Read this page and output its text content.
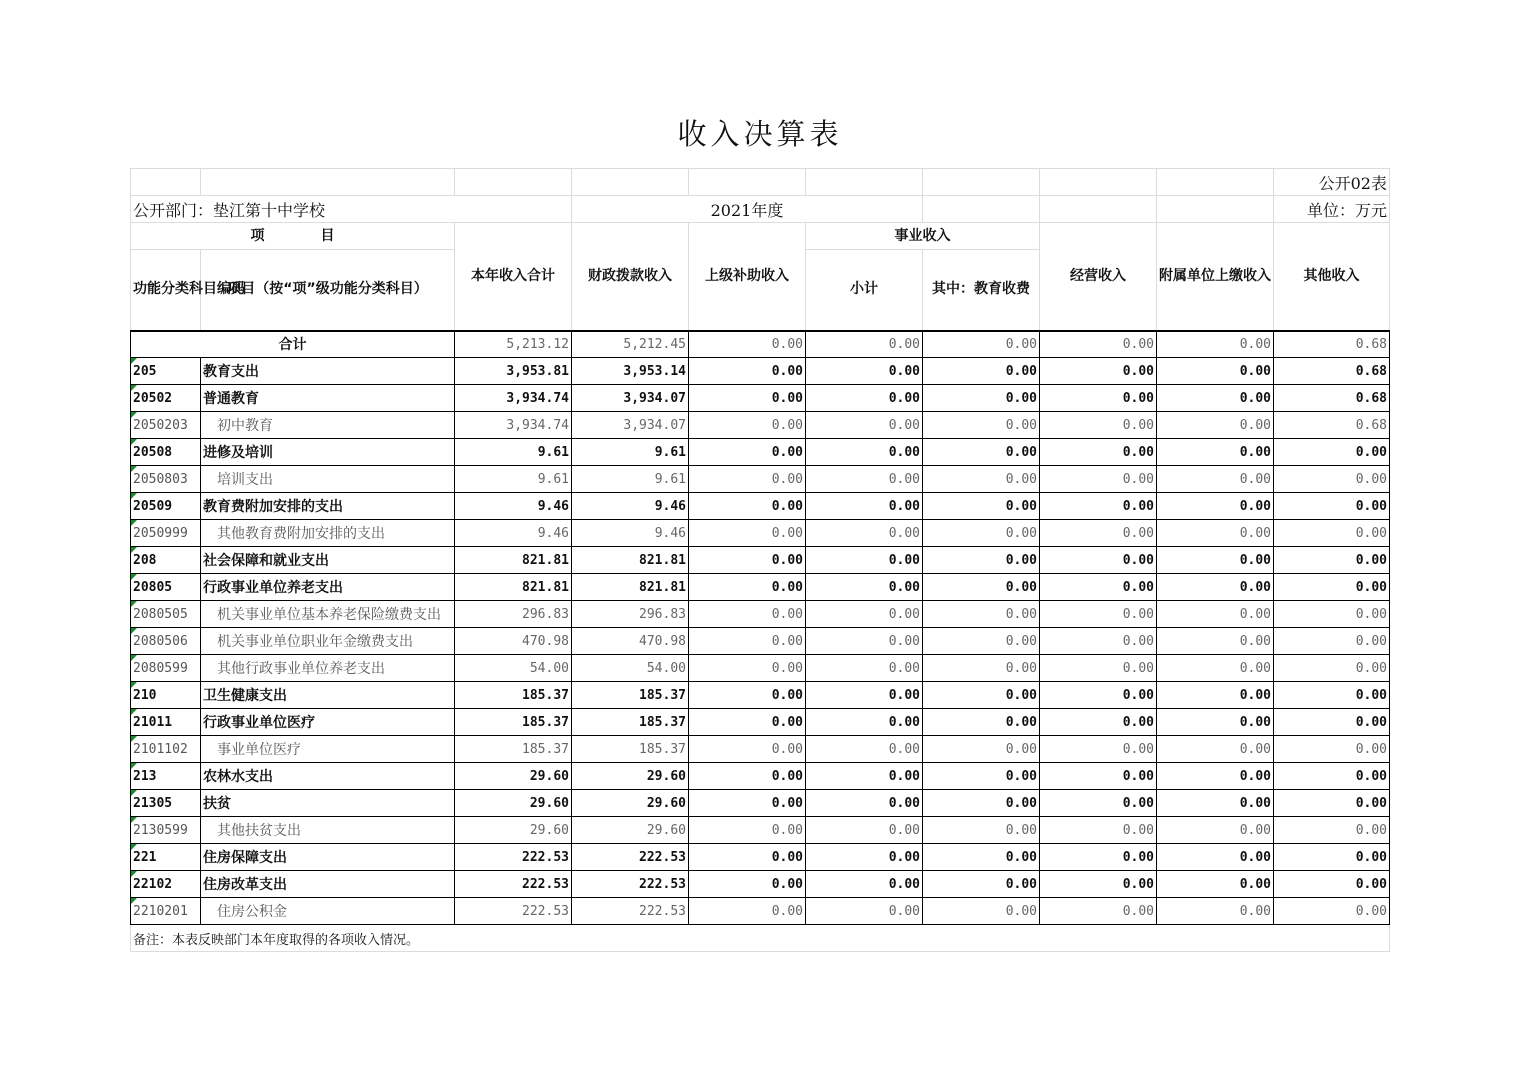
收入决算表
									公开02表
公开部门：垫江第十中学校			2021年度						单位：万元
项　　　　目		本年收入合计	财政拨款收入	上级补助收入	事业收入		经营收入	附属单位上缴收入	其他收入
功能分类科目编码	项目（按“项”级功能分类科目）								
					小计	其中：教育收费			
合计		5,213.12	5,212.45	0.00	0.00	0.00	0.00	0.00	0.68

205	教育支出	3,953.81	3,953.14	0.00	0.00	0.00	0.00	0.00	0.68

20502	普通教育	3,934.74	3,934.07	0.00	0.00	0.00	0.00	0.00	0.68

2050203	初中教育	3,934.74	3,934.07	0.00	0.00	0.00	0.00	0.00	0.68

20508	进修及培训	9.61	9.61	0.00	0.00	0.00	0.00	0.00	0.00

2050803	培训支出	9.61	9.61	0.00	0.00	0.00	0.00	0.00	0.00

20509	教育费附加安排的支出	9.46	9.46	0.00	0.00	0.00	0.00	0.00	0.00

2050999	其他教育费附加安排的支出	9.46	9.46	0.00	0.00	0.00	0.00	0.00	0.00

208	社会保障和就业支出	821.81	821.81	0.00	0.00	0.00	0.00	0.00	0.00

20805	行政事业单位养老支出	821.81	821.81	0.00	0.00	0.00	0.00	0.00	0.00

2080505	机关事业单位基本养老保险缴费支出	296.83	296.83	0.00	0.00	0.00	0.00	0.00	0.00

2080506	机关事业单位职业年金缴费支出	470.98	470.98	0.00	0.00	0.00	0.00	0.00	0.00

2080599	其他行政事业单位养老支出	54.00	54.00	0.00	0.00	0.00	0.00	0.00	0.00

210	卫生健康支出	185.37	185.37	0.00	0.00	0.00	0.00	0.00	0.00

21011	行政事业单位医疗	185.37	185.37	0.00	0.00	0.00	0.00	0.00	0.00

2101102	事业单位医疗	185.37	185.37	0.00	0.00	0.00	0.00	0.00	0.00

213	农林水支出	29.60	29.60	0.00	0.00	0.00	0.00	0.00	0.00

21305	扶贫	29.60	29.60	0.00	0.00	0.00	0.00	0.00	0.00

2130599	其他扶贫支出	29.60	29.60	0.00	0.00	0.00	0.00	0.00	0.00

221	住房保障支出	222.53	222.53	0.00	0.00	0.00	0.00	0.00	0.00

22102	住房改革支出	222.53	222.53	0.00	0.00	0.00	0.00	0.00	0.00

2210201	住房公积金	222.53	222.53	0.00	0.00	0.00	0.00	0.00	0.00
备注：本表反映部门本年度取得的各项收入情况。									
